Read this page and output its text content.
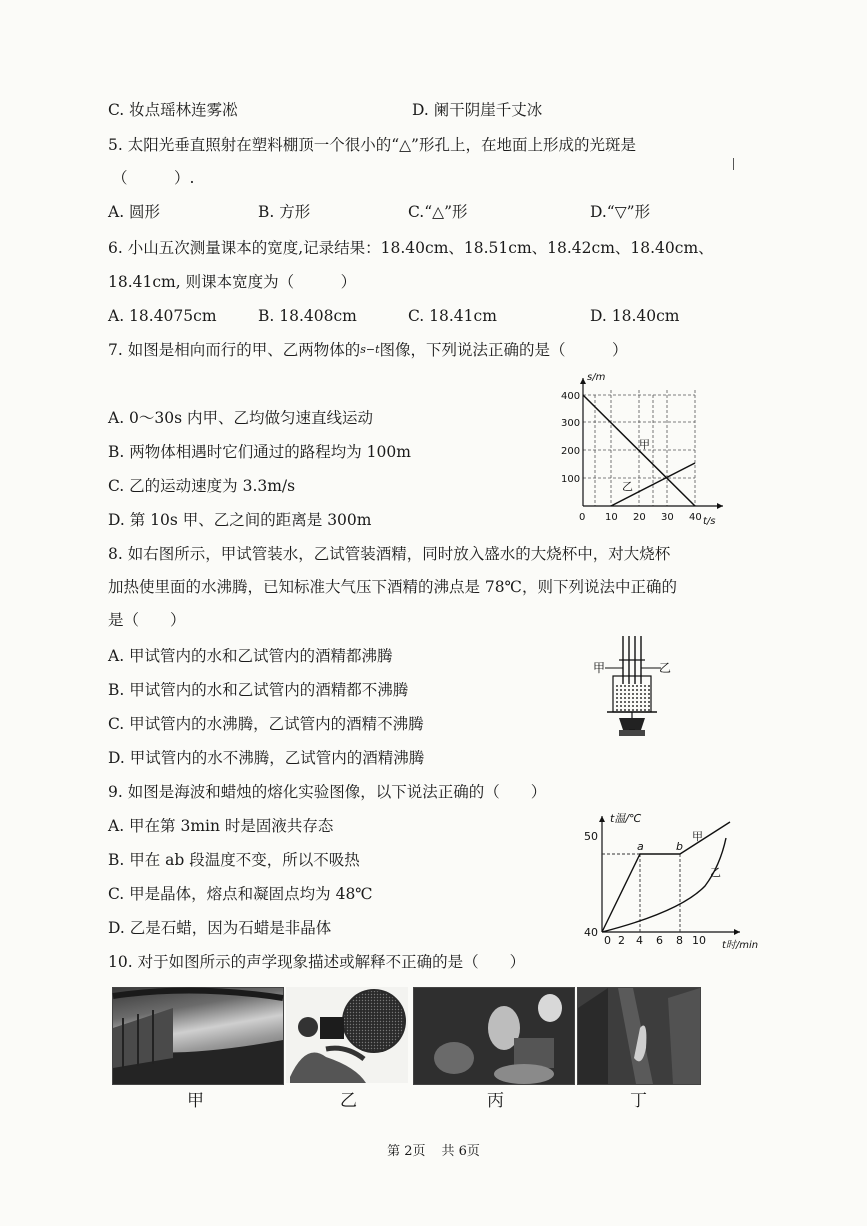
C. 妆点瑶林连雾凇	D. 阑干阴崖千丈冰
5. 太阳光垂直照射在塑料棚顶一个很小的“△”形孔上，在地面上形成的光斑是
（　　　）.
A. 圆形	B. 方形	C.“△”形	D.“▽”形
6. 小山五次测量课本的宽度,记录结果：18.40cm、18.51cm、18.42cm、18.40cm、
18.41cm, 则课本宽度为（　　　）
A. 18.4075cm	B. 18.408cm	C. 18.41cm	D. 18.40cm
7. 如图是相向而行的甲、乙两物体的s−t图像，下列说法正确的是（　　　）
A. 0～30s 内甲、乙均做匀速直线运动
B. 两物体相遇时它们通过的路程均为 100m
C. 乙的运动速度为 3.3m/s
D. 第 10s 甲、乙之间的距离是 300m
s/m
t/s
400
300
200
100
0 10 20 30 40
甲
乙
8. 如右图所示，甲试管装水，乙试管装酒精，同时放入盛水的大烧杯中，对大烧杯
加热使里面的水沸腾，已知标准大气压下酒精的沸点是 78℃，则下列说法中正确的
是（　　）
A. 甲试管内的水和乙试管内的酒精都沸腾
B. 甲试管内的水和乙试管内的酒精都不沸腾
C. 甲试管内的水沸腾，乙试管内的酒精不沸腾
D. 甲试管内的水不沸腾，乙试管内的酒精沸腾
甲	乙
9. 如图是海波和蜡烛的熔化实验图像，以下说法正确的（　　）
A. 甲在第 3min 时是固液共存态
B. 甲在 ab 段温度不变，所以不吸热
C. 甲是晶体，熔点和凝固点均为 48℃
D. 乙是石蜡，因为石蜡是非晶体
t温/℃
t时/min
50
40
0 2 4 6 8 10
a	b
甲
乙
10. 对于如图所示的声学现象描述或解释不正确的是（　　）
甲	乙	丙	丁
第 2页 共 6页
